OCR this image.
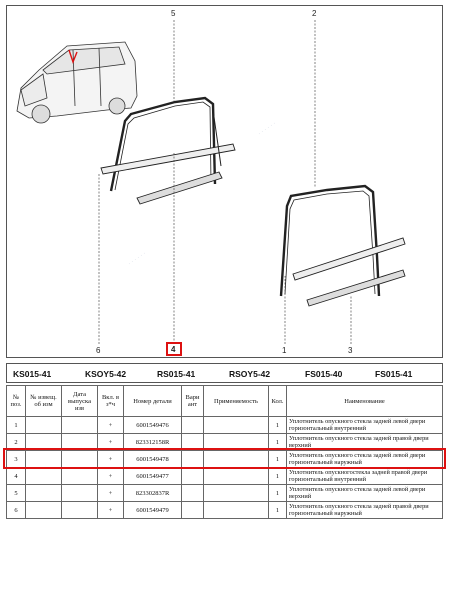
5	2
6	4	1	3
· · · · · ·
· · · · · ·
· · · · · ·
KS015-41	KSOY5-42	RS015-41	RSOY5-42	FS015-40	FS015-41
№ поз.	№ извещ. об изм	Дата выпуска изв	Вкл. в з*ч	Номер детали	Вари ант	Применяемость	Кол.	Наименование
1			+	6001549476			1	Уплотнитель опускного стекла задней левой двери горизонтальный внутренний
2			+	823312158R			1	Уплотнитель опускного стекла задней правой двери верхний
3			+	6001549478			1	Уплотнитель опускного стекла задней левой двери горизонтальный наружный
4			+	6001549477			1	Уплотнитель опускногостекла задней правой двери горизонтальный внутренний
5			+	823302837R			1	Уплотнитель опускного стекла задней левой двери верхний
6			+	6001549479			1	Уплотнитель опускного стекла задней правой двери горизонтальный наружный
